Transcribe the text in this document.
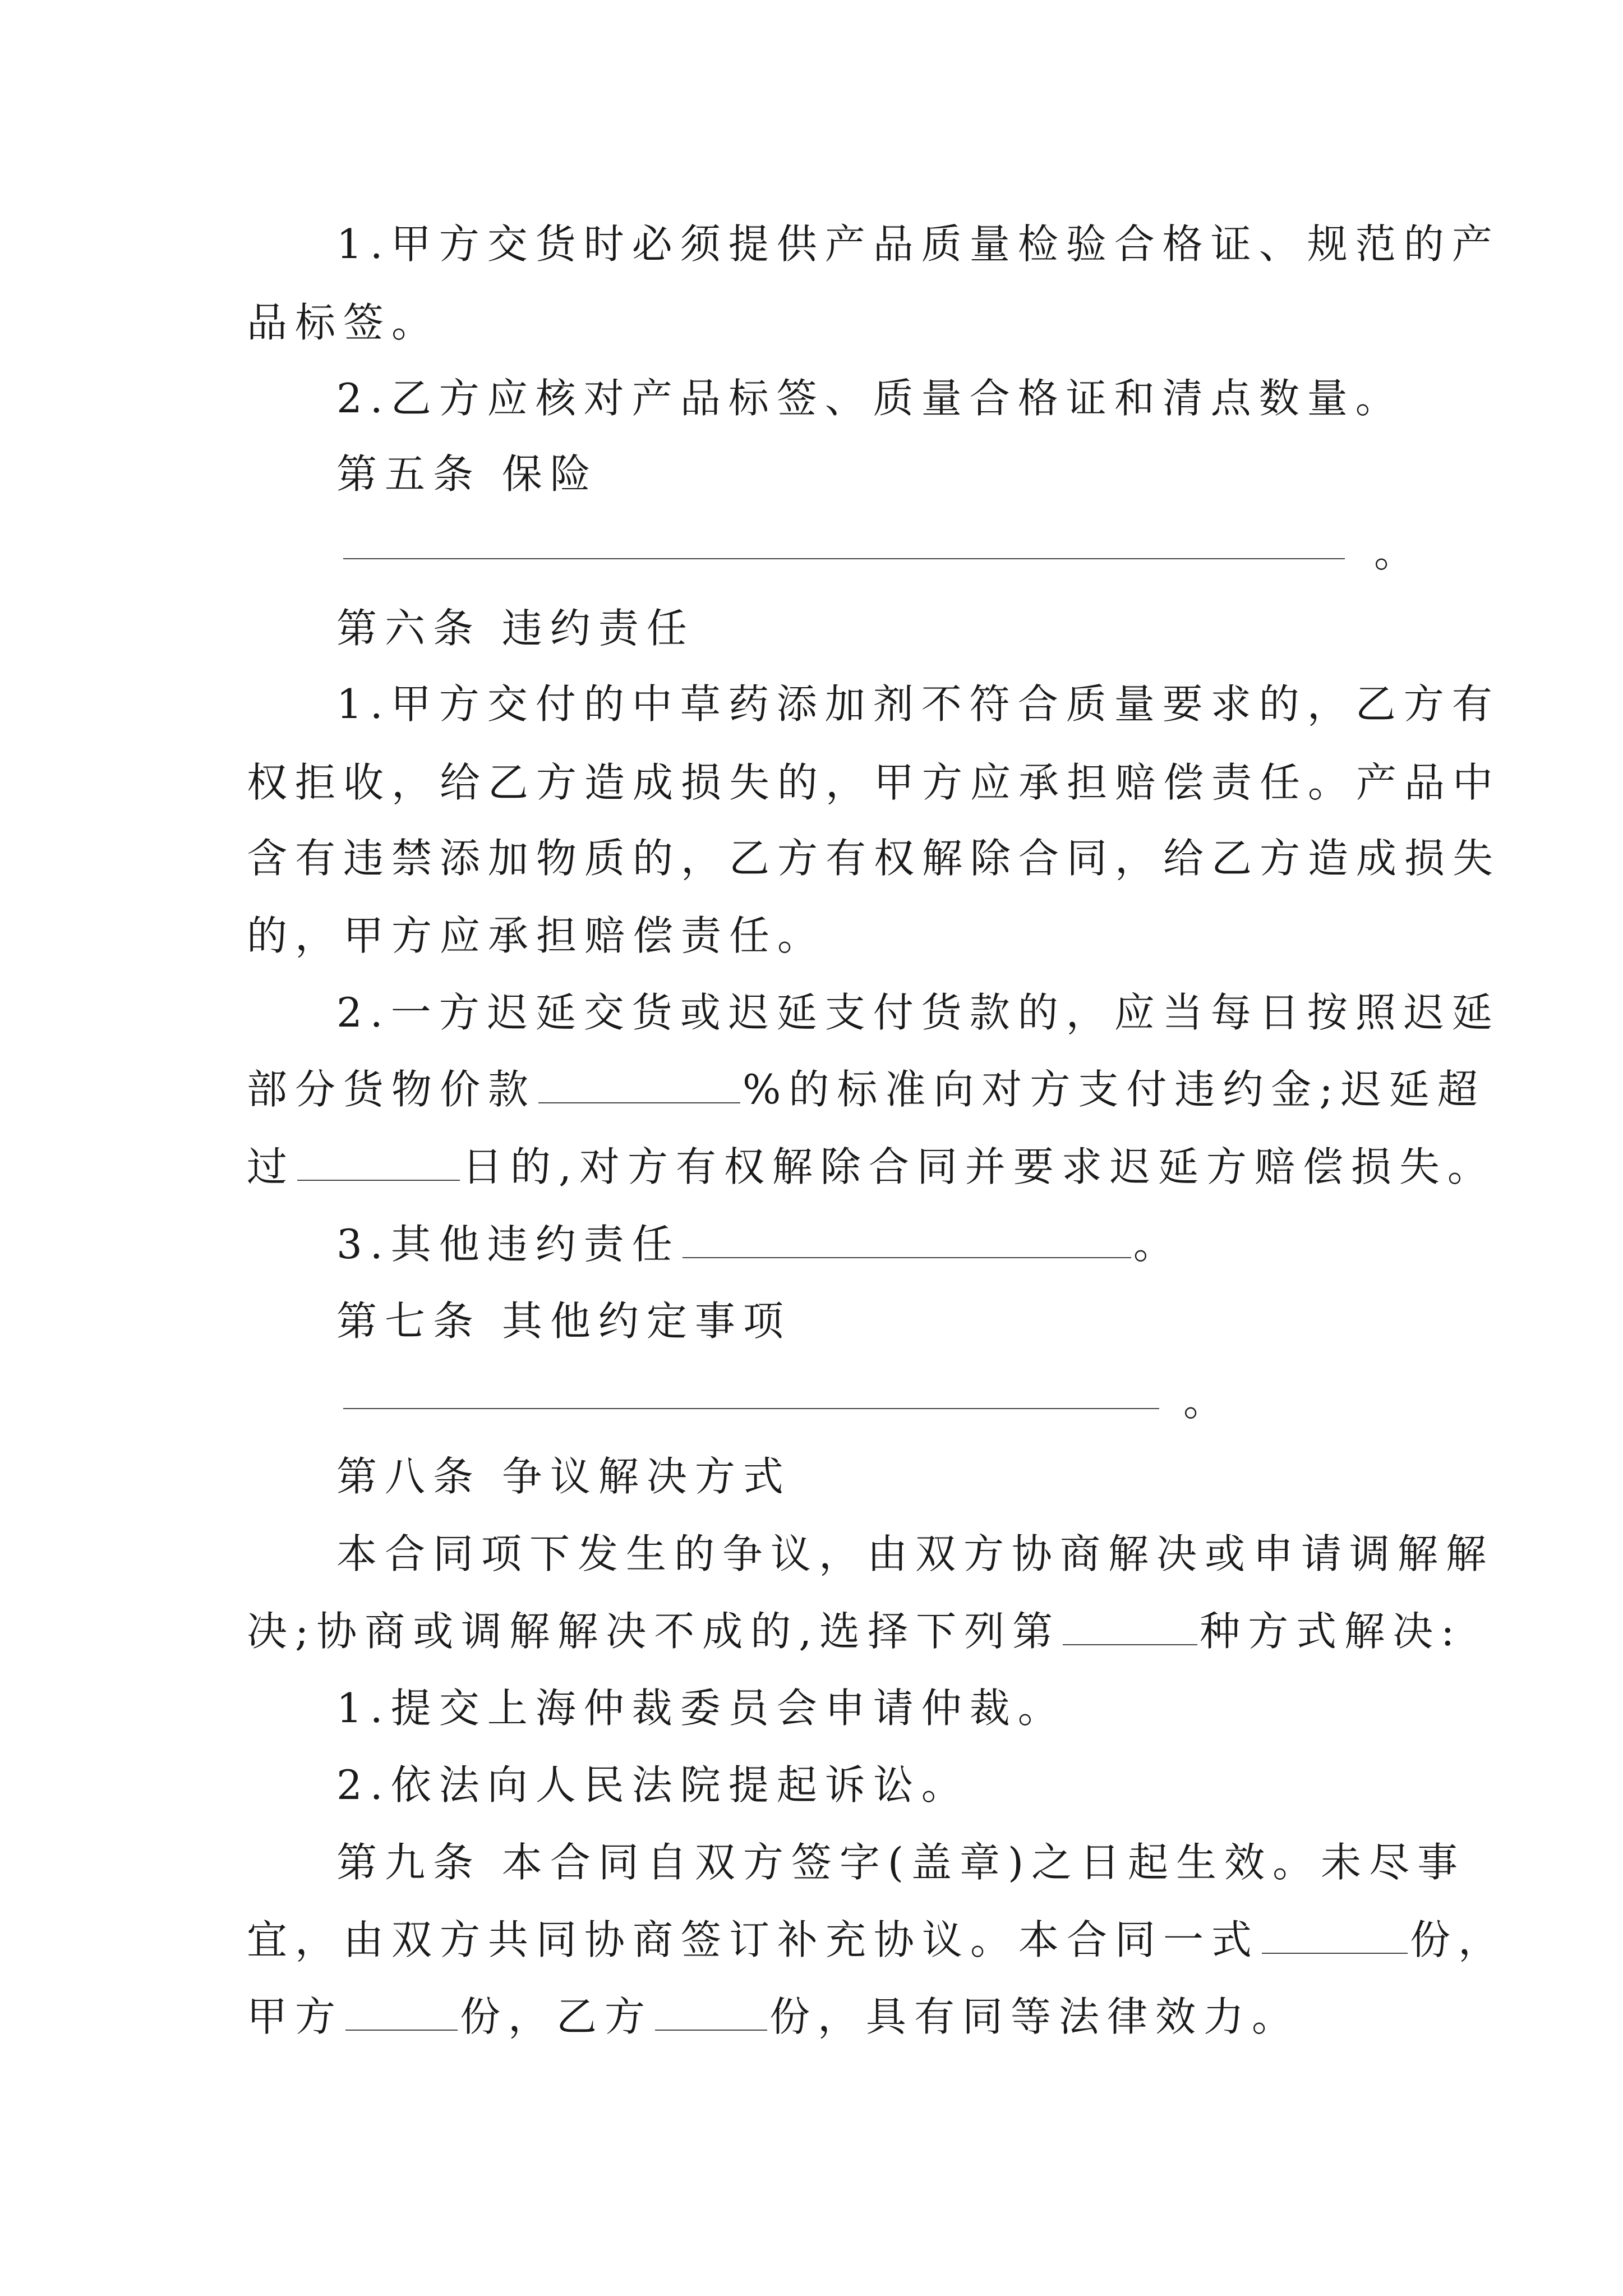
1.甲方交货时必须提供产品质量检验合格证、规范的产
品标签。
2.乙方应核对产品标签、质量合格证和清点数量。
第五条 保险
。
第六条 违约责任
1.甲方交付的中草药添加剂不符合质量要求的，乙方有
权拒收，给乙方造成损失的，甲方应承担赔偿责任。产品中
含有违禁添加物质的，乙方有权解除合同，给乙方造成损失
的，甲方应承担赔偿责任。
2.一方迟延交货或迟延支付货款的，应当每日按照迟延
部分货物价款	%的标准向对方支付违约金;迟延超
过	日的,对方有权解除合同并要求迟延方赔偿损失。
3.其他违约责任	。
第七条 其他约定事项
。
第八条 争议解决方式
本合同项下发生的争议，由双方协商解决或申请调解解
决;协商或调解解决不成的,选择下列第	种方式解决:
1.提交上海仲裁委员会申请仲裁。
2.依法向人民法院提起诉讼。
第九条 本合同自双方签字(盖章)之日起生效。未尽事
宜，由双方共同协商签订补充协议。本合同一式	份，
甲方	份，乙方	份，具有同等法律效力。
